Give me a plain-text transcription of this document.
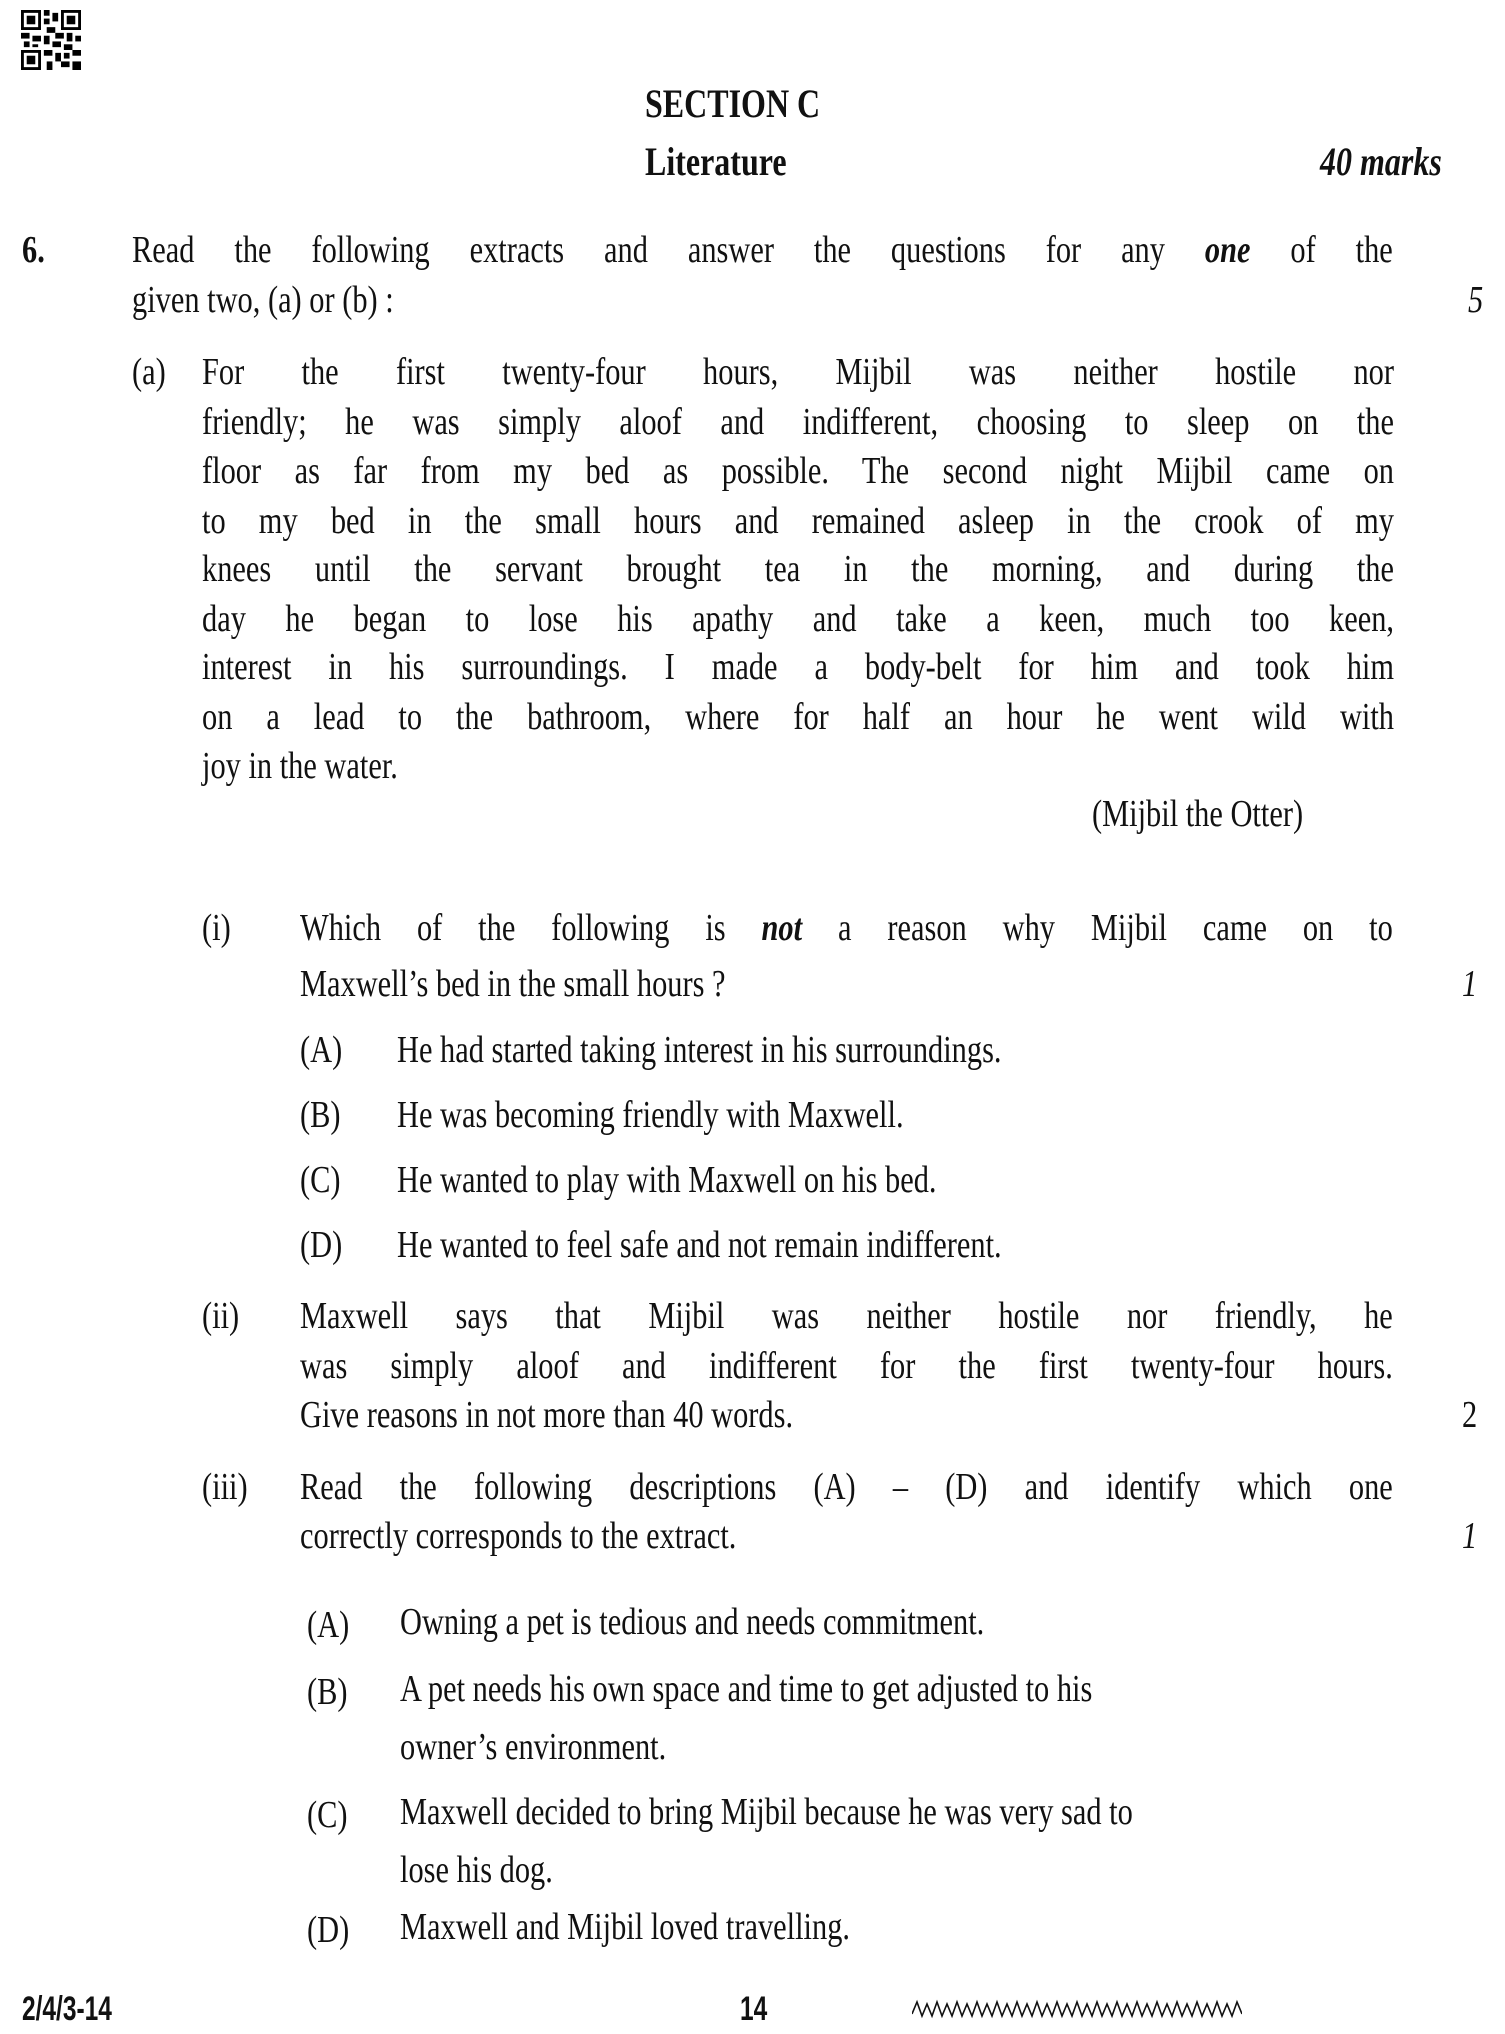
SECTION C
Literature	40 marks
6. Read the following extracts and answer the questions for any one of the
given two, (a) or (b) :	5
(a) For the first twenty-four hours, Mijbil was neither hostile nor
friendly; he was simply aloof and indifferent, choosing to sleep on the
floor as far from my bed as possible. The second night Mijbil came on
to my bed in the small hours and remained asleep in the crook of my
knees until the servant brought tea in the morning, and during the
day he began to lose his apathy and take a keen, much too keen,
interest in his surroundings. I made a body-belt for him and took him
on a lead to the bathroom, where for half an hour he went wild with
joy in the water.
(Mijbil the Otter)
(i) Which of the following is not a reason why Mijbil came on to
Maxwell’s bed in the small hours ?	1
(A) He had started taking interest in his surroundings.
(B) He was becoming friendly with Maxwell.
(C) He wanted to play with Maxwell on his bed.
(D) He wanted to feel safe and not remain indifferent.
(ii) Maxwell says that Mijbil was neither hostile nor friendly, he
was simply aloof and indifferent for the first twenty-four hours.
Give reasons in not more than 40 words.	2
(iii) Read the following descriptions (A) – (D) and identify which one
correctly corresponds to the extract.	1
(A) Owning a pet is tedious and needs commitment.
(B) A pet needs his own space and time to get adjusted to his
owner’s environment.
(C) Maxwell decided to bring Mijbil because he was very sad to
lose his dog.
(D) Maxwell and Mijbil loved travelling.
2/4/3-14	14
